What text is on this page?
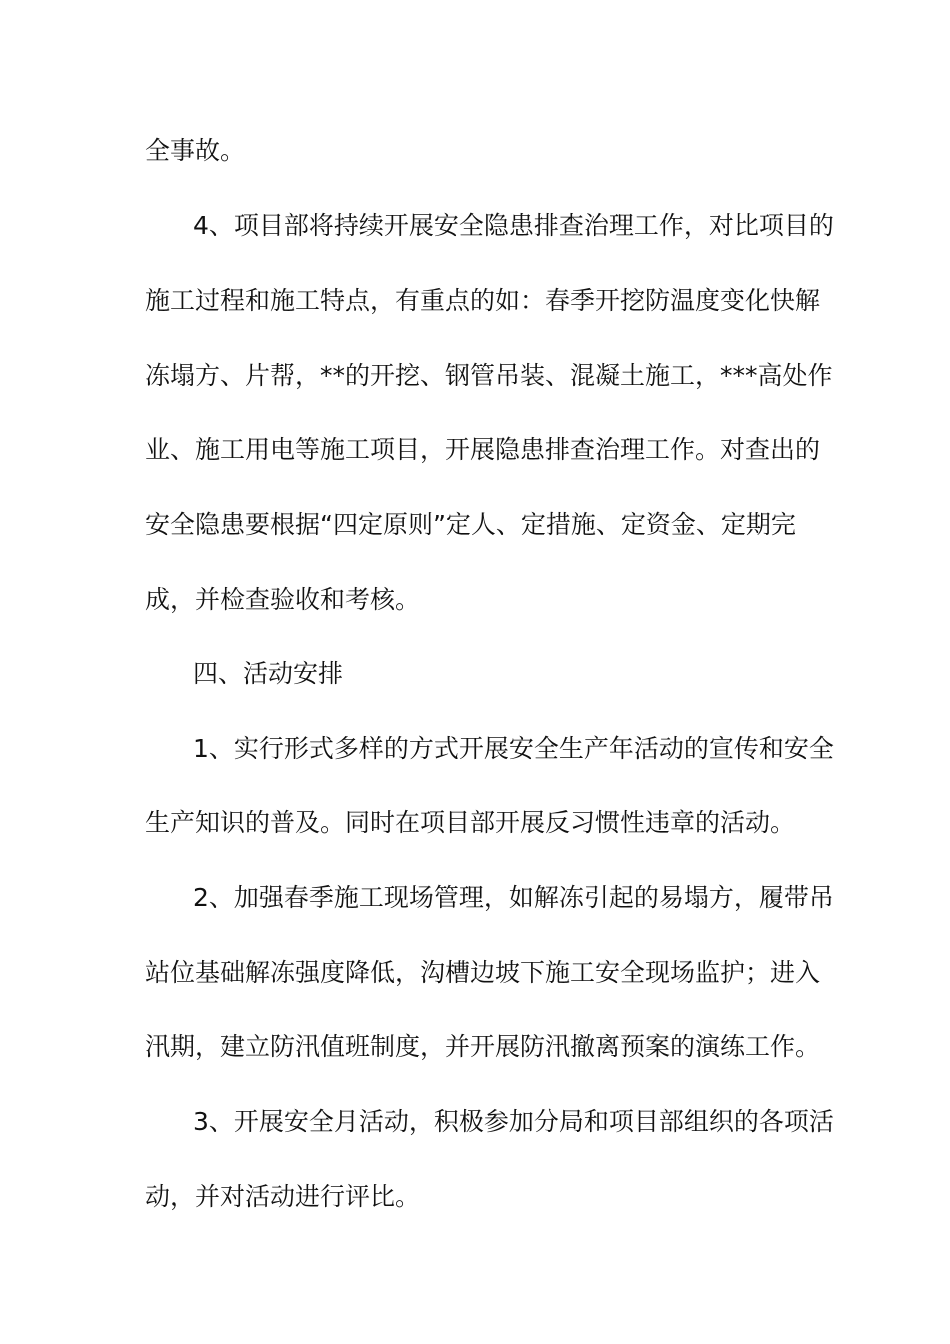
全事故。
4、项目部将持续开展安全隐患排查治理工作，对比项目的
施工过程和施工特点，有重点的如：春季开挖防温度变化快解
冻塌方、片帮，**的开挖、钢管吊装、混凝土施工，***高处作
业、施工用电等施工项目，开展隐患排查治理工作。对查出的
安全隐患要根据“四定原则”定人、定措施、定资金、定期完
成，并检查验收和考核。
四、活动安排
1、实行形式多样的方式开展安全生产年活动的宣传和安全
生产知识的普及。同时在项目部开展反习惯性违章的活动。
2、加强春季施工现场管理，如解冻引起的易塌方，履带吊
站位基础解冻强度降低，沟槽边坡下施工安全现场监护；进入
汛期，建立防汛值班制度，并开展防汛撤离预案的演练工作。
3、开展安全月活动，积极参加分局和项目部组织的各项活
动，并对活动进行评比。
